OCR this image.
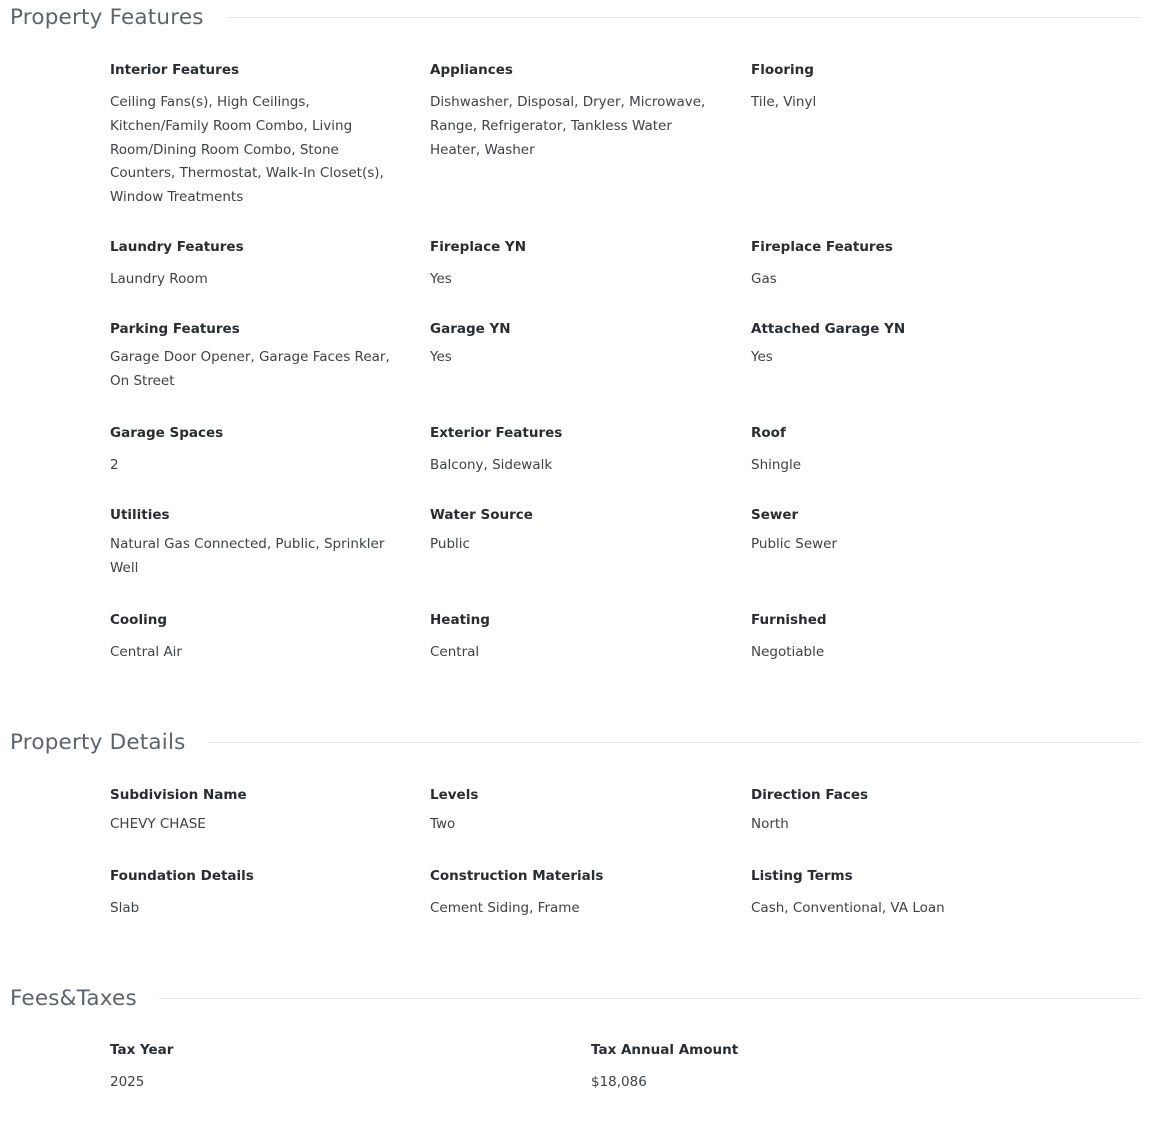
Property Features
Interior Features
Ceiling Fans(s), High Ceilings, Kitchen/Family Room Combo, Living Room/Dining Room Combo, Stone Counters, Thermostat, Walk-In Closet(s), Window Treatments
Appliances
Dishwasher, Disposal, Dryer, Microwave, Range, Refrigerator, Tankless Water Heater, Washer
Flooring
Tile, Vinyl
Laundry Features
Laundry Room
Fireplace YN
Yes
Fireplace Features
Gas
Parking Features
Garage Door Opener, Garage Faces Rear, On Street
Garage YN
Yes
Attached Garage YN
Yes
Garage Spaces
2
Exterior Features
Balcony, Sidewalk
Roof
Shingle
Utilities
Natural Gas Connected, Public, Sprinkler Well
Water Source
Public
Sewer
Public Sewer
Cooling
Central Air
Heating
Central
Furnished
Negotiable
Property Details
Subdivision Name
CHEVY CHASE
Levels
Two
Direction Faces
North
Foundation Details
Slab
Construction Materials
Cement Siding, Frame
Listing Terms
Cash, Conventional, VA Loan
Fees&Taxes
Tax Year
2025
Tax Annual Amount
$18,086
